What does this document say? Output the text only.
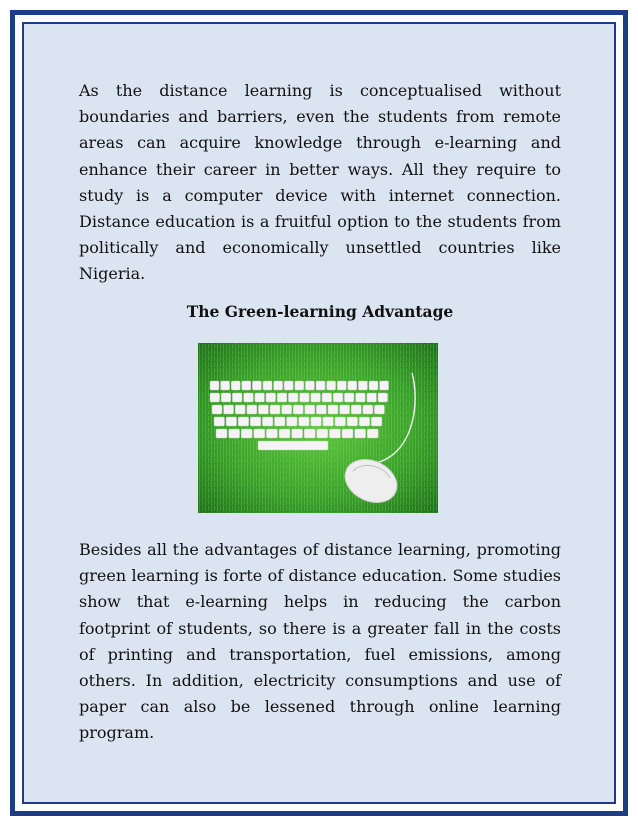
As the distance learning is conceptualised without boundaries and barriers, even the students from remote areas can acquire knowledge through e-learning and enhance their career in better ways. All they require to study is a computer device with internet connection. Distance education is a fruitful option to the students from politically and economically unsettled countries like Nigeria.

The Green-learning Advantage

Besides all the advantages of distance learning, promoting green learning is forte of distance education. Some studies show that e-learning helps in reducing the carbon footprint of students, so there is a greater fall in the costs of printing and transportation, fuel emissions, among others. In addition, electricity consumptions and use of paper can also be lessened through online learning program.
